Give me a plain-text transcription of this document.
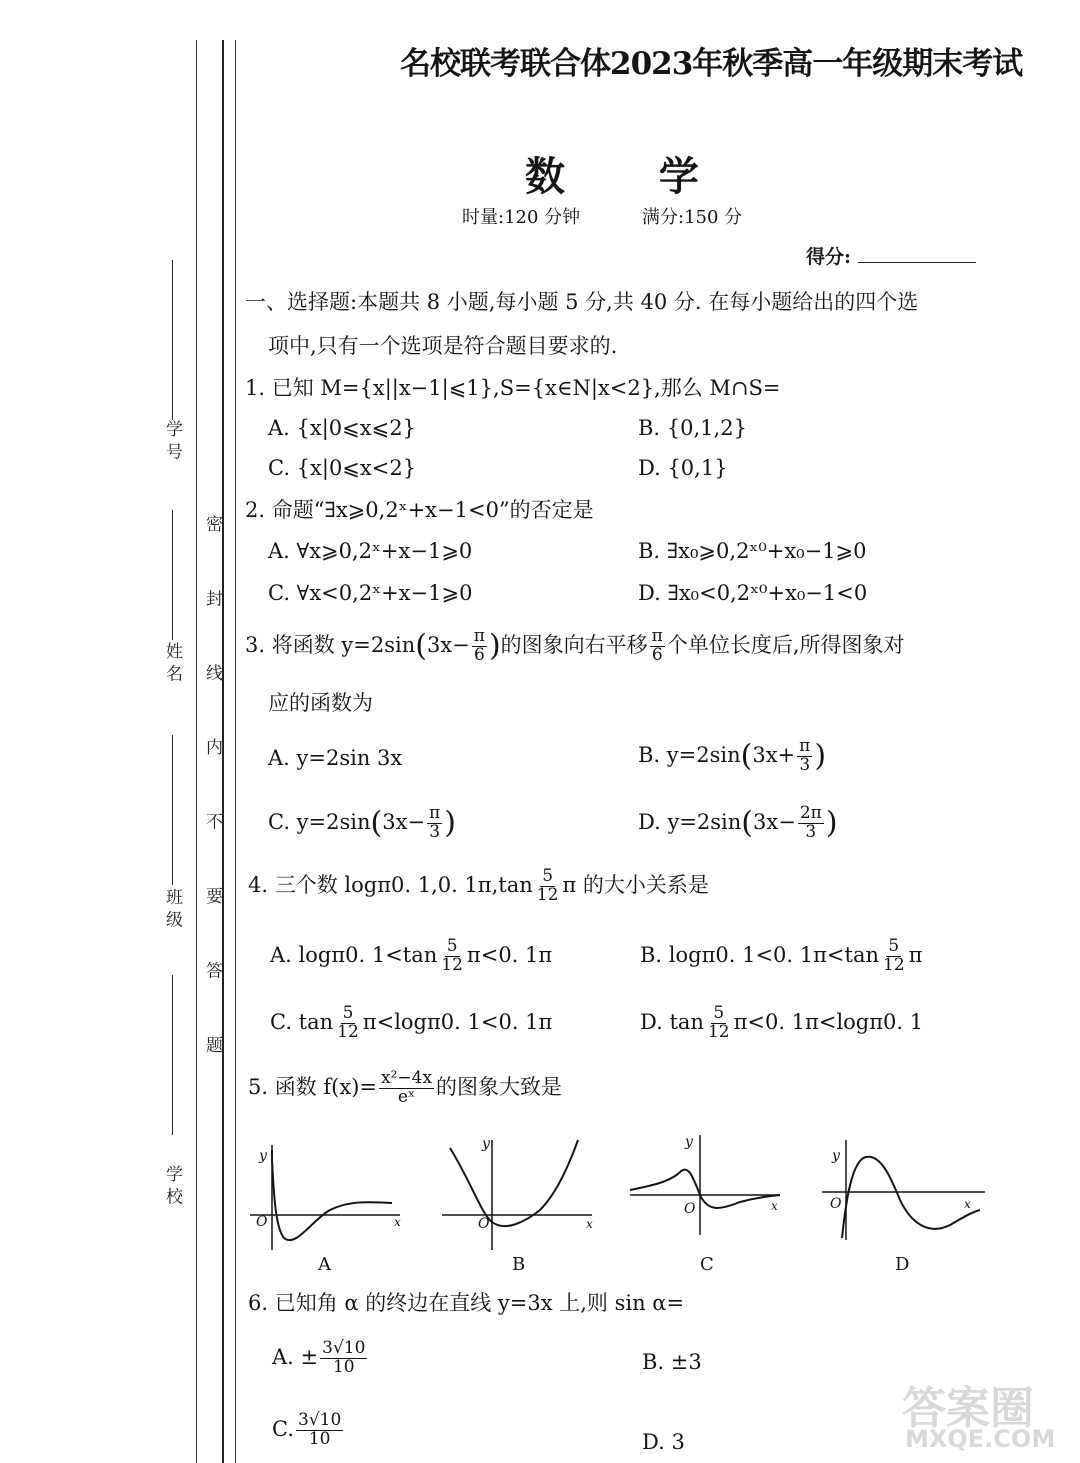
学 号
姓 名
班 级
学 校
密 封 线 内 不 要 答 题
名校联考联合体2023年秋季高一年级期末考试
数 学
时量:120 分钟	满分:150 分
得分:
一、选择题:本题共 8 小题,每小题 5 分,共 40 分. 在每小题给出的四个选
项中,只有一个选项是符合题目要求的.
1. 已知 M={x||x−1|⩽1},S={x∈N|x<2},那么 M∩S=
A. {x|0⩽x⩽2}	B. {0,1,2}
C. {x|0⩽x<2}	D. {0,1}
2. 命题“∃x⩾0,2ˣ+x−1<0”的否定是
A. ∀x⩾0,2ˣ+x−1⩾0	B. ∃x₀⩾0,2ˣ⁰+x₀−1⩾0
C. ∀x<0,2ˣ+x−1⩾0	D. ∃x₀<0,2ˣ⁰+x₀−1<0
3. 将函数 $y=2\sin(3x- \frac{\pi}{6}$ )的图象向右平移 $\frac{\pi}{6}$ 个单位长度后,所得图象对
应的函数为
A. y=2sin 3x	B. $y=2\sin(3x+ \frac{\pi}{3}$ )
C. $y=2\sin(3x- \frac{\pi}{3}$ )	D. $y=2\sin(3x- \frac{2\pi}{3}$ )
4. 三个数 logπ0. 1,0. $1\pi,\tan \frac{5}{12}$ π 的大小关系是
A. logπ0. $1<\tan \frac{5}{12} \pi<0$. 1π	B. logπ0. 1<0. $1\pi<\tan \frac{5}{12}$ π
C. $\tan \frac{5}{12} \pi<\log\pi 0$. 1<0. 1π	D. $\tan \frac{5}{12} \pi<0$. 1π<logπ0. 1
5. 函数 $f(x)= \frac{\text{x²−4x}}{\text{eˣ}}$ 的图象大致是
y
O	x
y
O	x
y
O	x
y
O	x
A	B	C	D
6. 已知角 α 的终边在直线 y=3x 上,则 sin α=
A. ± $\frac{3√10}{10}$	B. ±3
C. $\frac{3√10}{10}$	D. 3
答案圈
MXQE.COM
